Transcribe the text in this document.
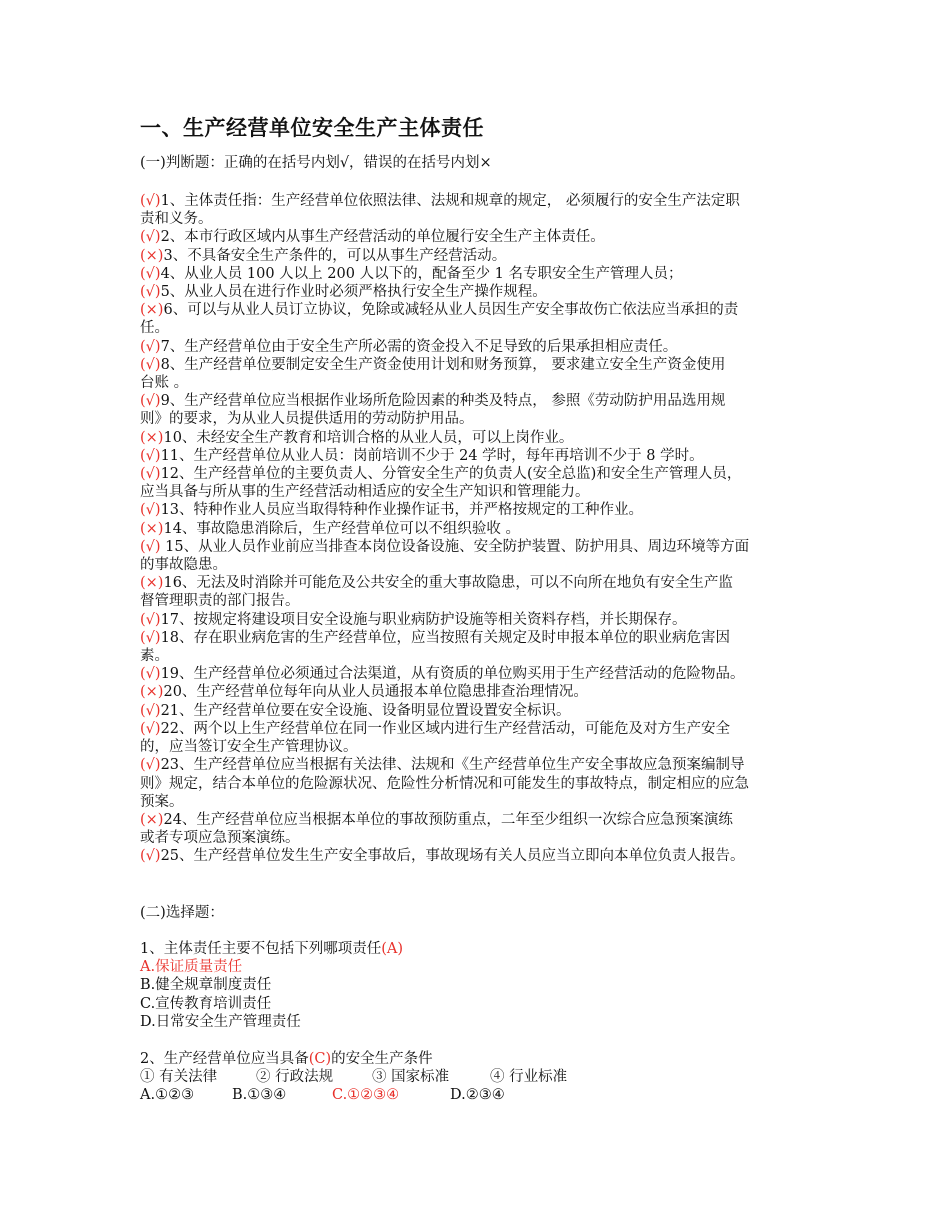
一、生产经营单位安全生产主体责任
(一)判断题：正确的在括号内划√，错误的在括号内划×
(√)1、主体责任指：生产经营单位依照法律、法规和规章的规定， 必须履行的安全生产法定职
责和义务。
(√)2、本市行政区域内从事生产经营活动的单位履行安全生产主体责任。
(×)3、不具备安全生产条件的，可以从事生产经营活动。
(√)4、从业人员 100 人以上 200 人以下的，配备至少 1 名专职安全生产管理人员；
(√)5、从业人员在进行作业时必须严格执行安全生产操作规程。
(×)6、可以与从业人员订立协议，免除或减轻从业人员因生产安全事故伤亡依法应当承担的责
任。
(√)7、生产经营单位由于安全生产所必需的资金投入不足导致的后果承担相应责任。
(√)8、生产经营单位要制定安全生产资金使用计划和财务预算， 要求建立安全生产资金使用
台账 。
(√)9、生产经营单位应当根据作业场所危险因素的种类及特点， 参照《劳动防护用品选用规
则》的要求，为从业人员提供适用的劳动防护用品。
(×)10、未经安全生产教育和培训合格的从业人员，可以上岗作业。
(√)11、生产经营单位从业人员：岗前培训不少于 24 学时，每年再培训不少于 8 学时。
(√)12、生产经营单位的主要负责人、分管安全生产的负责人(安全总监)和安全生产管理人员，
应当具备与所从事的生产经营活动相适应的安全生产知识和管理能力。
(√)13、特种作业人员应当取得特种作业操作证书，并严格按规定的工种作业。
(×)14、事故隐患消除后，生产经营单位可以不组织验收 。
(√) 15、从业人员作业前应当排查本岗位设备设施、安全防护装置、防护用具、周边环境等方面
的事故隐患。
(×)16、无法及时消除并可能危及公共安全的重大事故隐患，可以不向所在地负有安全生产监
督管理职责的部门报告。
(√)17、按规定将建设项目安全设施与职业病防护设施等相关资料存档，并长期保存。
(√)18、存在职业病危害的生产经营单位，应当按照有关规定及时申报本单位的职业病危害因
素。
(√)19、生产经营单位必须通过合法渠道，从有资质的单位购买用于生产经营活动的危险物品。
(×)20、生产经营单位每年向从业人员通报本单位隐患排查治理情况。
(√)21、生产经营单位要在安全设施、设备明显位置设置安全标识。
(√)22、两个以上生产经营单位在同一作业区域内进行生产经营活动，可能危及对方生产安全
的，应当签订安全生产管理协议。
(√)23、生产经营单位应当根据有关法律、法规和《生产经营单位生产安全事故应急预案编制导
则》规定，结合本单位的危险源状况、危险性分析情况和可能发生的事故特点，制定相应的应急
预案。
(×)24、生产经营单位应当根据本单位的事故预防重点，二年至少组织一次综合应急预案演练
或者专项应急预案演练。
(√)25、生产经营单位发生生产安全事故后，事故现场有关人员应当立即向本单位负责人报告。
(二)选择题：
1、主体责任主要不包括下列哪项责任(A)
A.保证质量责任
B.健全规章制度责任
C.宣传教育培训责任
D.日常安全生产管理责任
2、生产经营单位应当具备(C)的安全生产条件
① 有关法律	② 行政法规	③ 国家标准	④ 行业标准
A.①②③	B.①③④	C.①②③④	D.②③④
